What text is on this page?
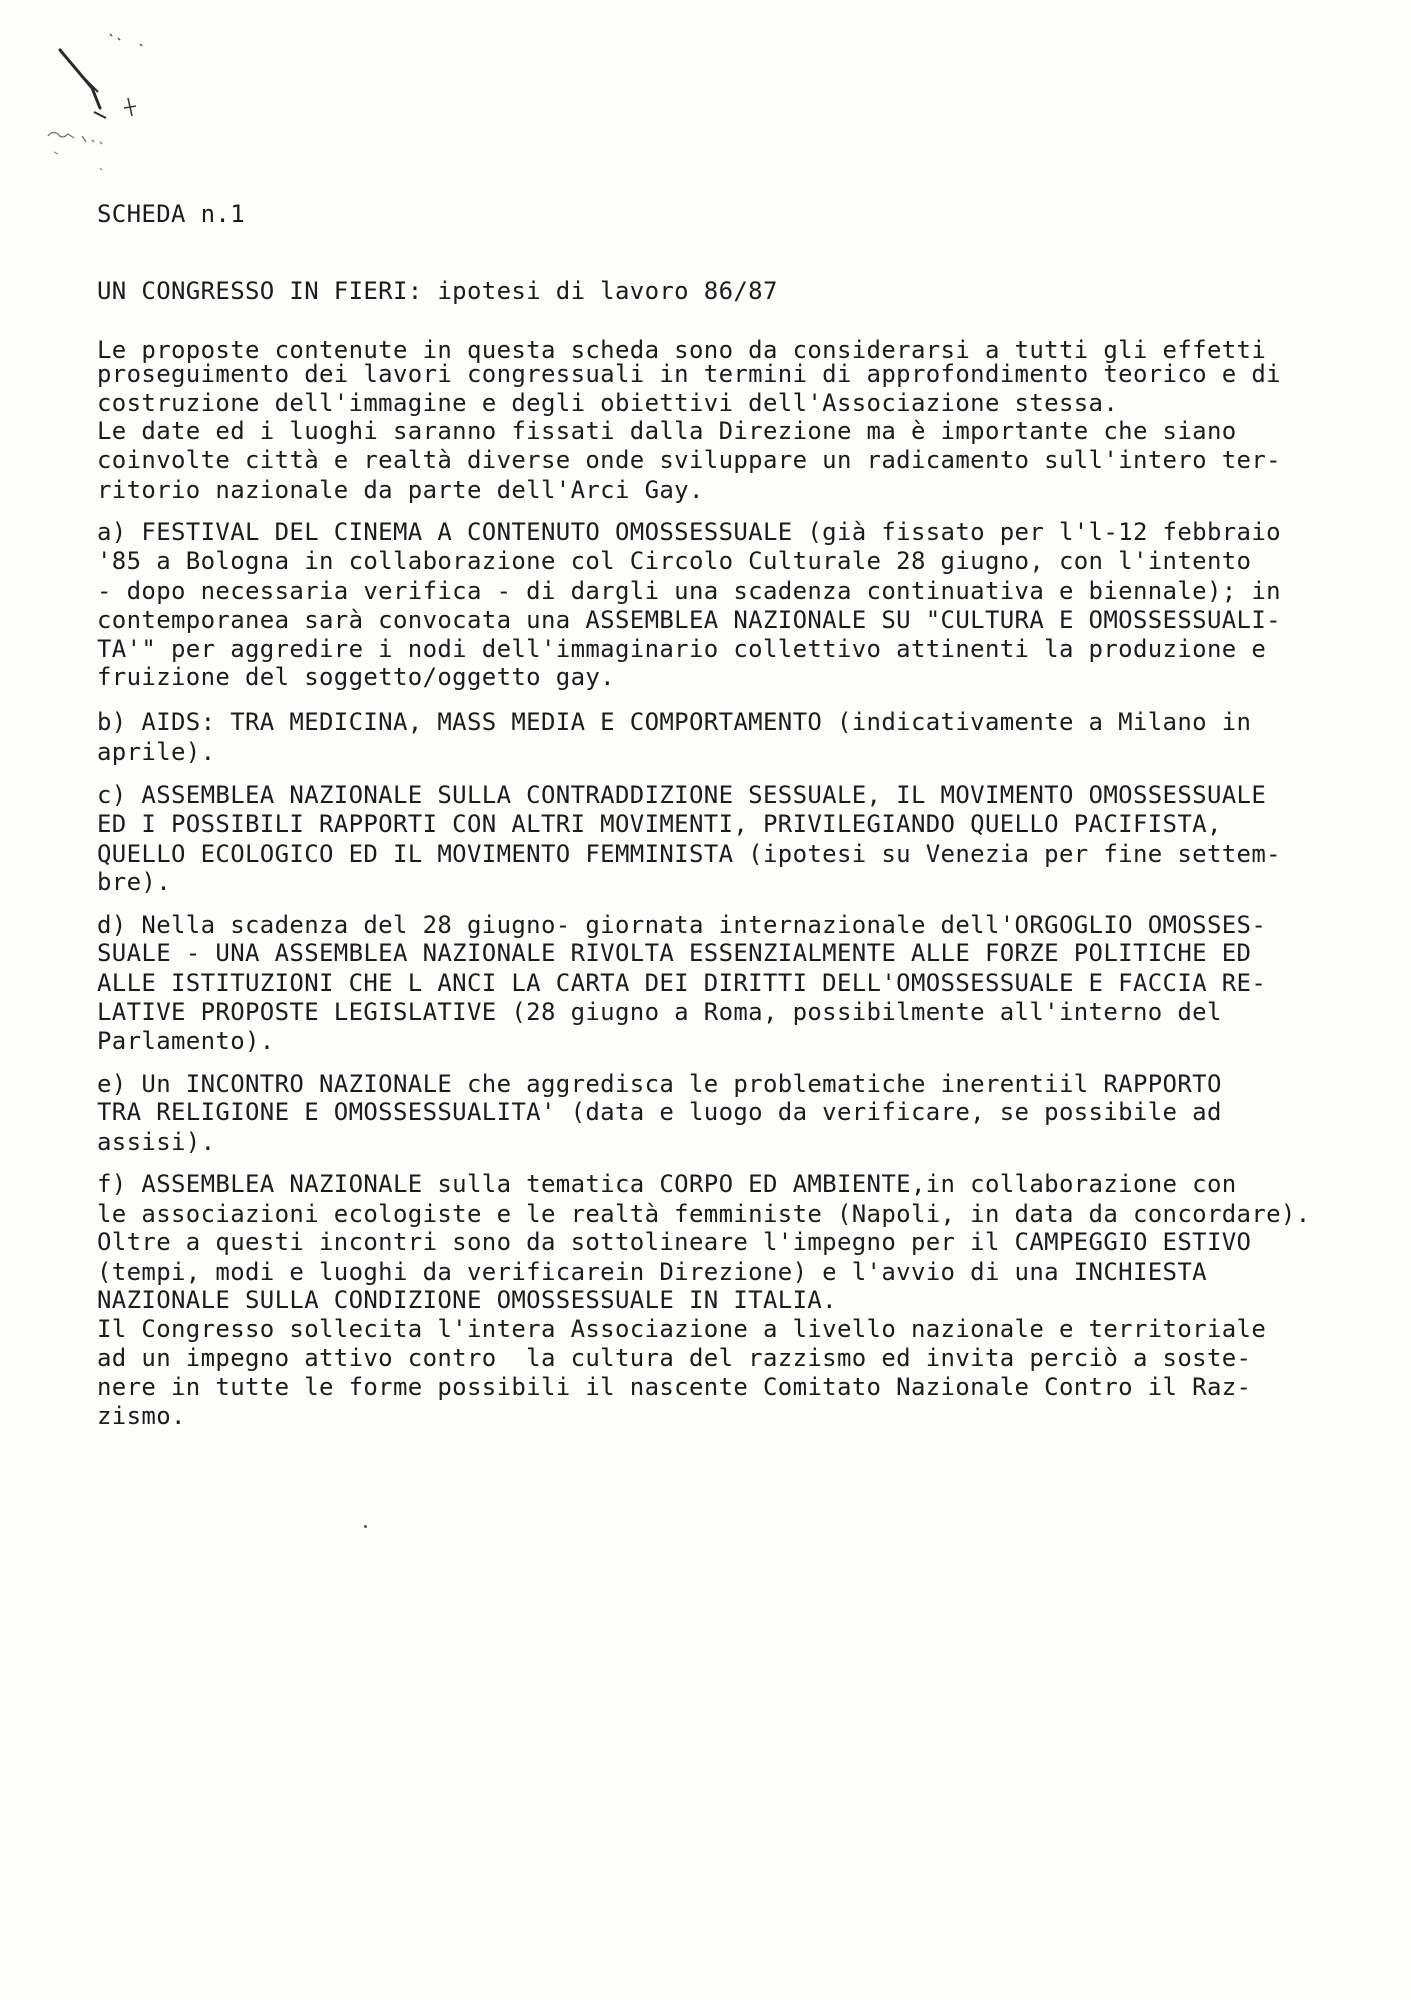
SCHEDA n.1
UN CONGRESSO IN FIERI: ipotesi di lavoro 86/87
Le proposte contenute in questa scheda sono da considerarsi a tutti gli effetti
proseguimento dei lavori congressuali in termini di approfondimento teorico e di
costruzione dell'immagine e degli obiettivi dell'Associazione stessa.
Le date ed i luoghi saranno fissati dalla Direzione ma è importante che siano
coinvolte città e realtà diverse onde sviluppare un radicamento sull'intero ter-
ritorio nazionale da parte dell'Arci Gay.
a) FESTIVAL DEL CINEMA A CONTENUTO OMOSSESSUALE (già fissato per l'l-12 febbraio
'85 a Bologna in collaborazione col Circolo Culturale 28 giugno, con l'intento
- dopo necessaria verifica - di dargli una scadenza continuativa e biennale); in
contemporanea sarà convocata una ASSEMBLEA NAZIONALE SU "CULTURA E OMOSSESSUALI-
TA'" per aggredire i nodi dell'immaginario collettivo attinenti la produzione e
fruizione del soggetto/oggetto gay.
b) AIDS: TRA MEDICINA, MASS MEDIA E COMPORTAMENTO (indicativamente a Milano in
aprile).
c) ASSEMBLEA NAZIONALE SULLA CONTRADDIZIONE SESSUALE, IL MOVIMENTO OMOSSESSUALE
ED I POSSIBILI RAPPORTI CON ALTRI MOVIMENTI, PRIVILEGIANDO QUELLO PACIFISTA,
QUELLO ECOLOGICO ED IL MOVIMENTO FEMMINISTA (ipotesi su Venezia per fine settem-
bre).
d) Nella scadenza del 28 giugno- giornata internazionale dell'ORGOGLIO OMOSSES-
SUALE - UNA ASSEMBLEA NAZIONALE RIVOLTA ESSENZIALMENTE ALLE FORZE POLITICHE ED
ALLE ISTITUZIONI CHE L ANCI LA CARTA DEI DIRITTI DELL'OMOSSESSUALE E FACCIA RE-
LATIVE PROPOSTE LEGISLATIVE (28 giugno a Roma, possibilmente all'interno del
Parlamento).
e) Un INCONTRO NAZIONALE che aggredisca le problematiche inerentiil RAPPORTO
TRA RELIGIONE E OMOSSESSUALITA' (data e luogo da verificare, se possibile ad
assisi).
f) ASSEMBLEA NAZIONALE sulla tematica CORPO ED AMBIENTE,in collaborazione con
le associazioni ecologiste e le realtà femministe (Napoli, in data da concordare).
Oltre a questi incontri sono da sottolineare l'impegno per il CAMPEGGIO ESTIVO
(tempi, modi e luoghi da verificarein Direzione) e l'avvio di una INCHIESTA
NAZIONALE SULLA CONDIZIONE OMOSSESSUALE IN ITALIA.
Il Congresso sollecita l'intera Associazione a livello nazionale e territoriale
ad un impegno attivo contro  la cultura del razzismo ed invita perciò a soste-
nere in tutte le forme possibili il nascente Comitato Nazionale Contro il Raz-
zismo.
